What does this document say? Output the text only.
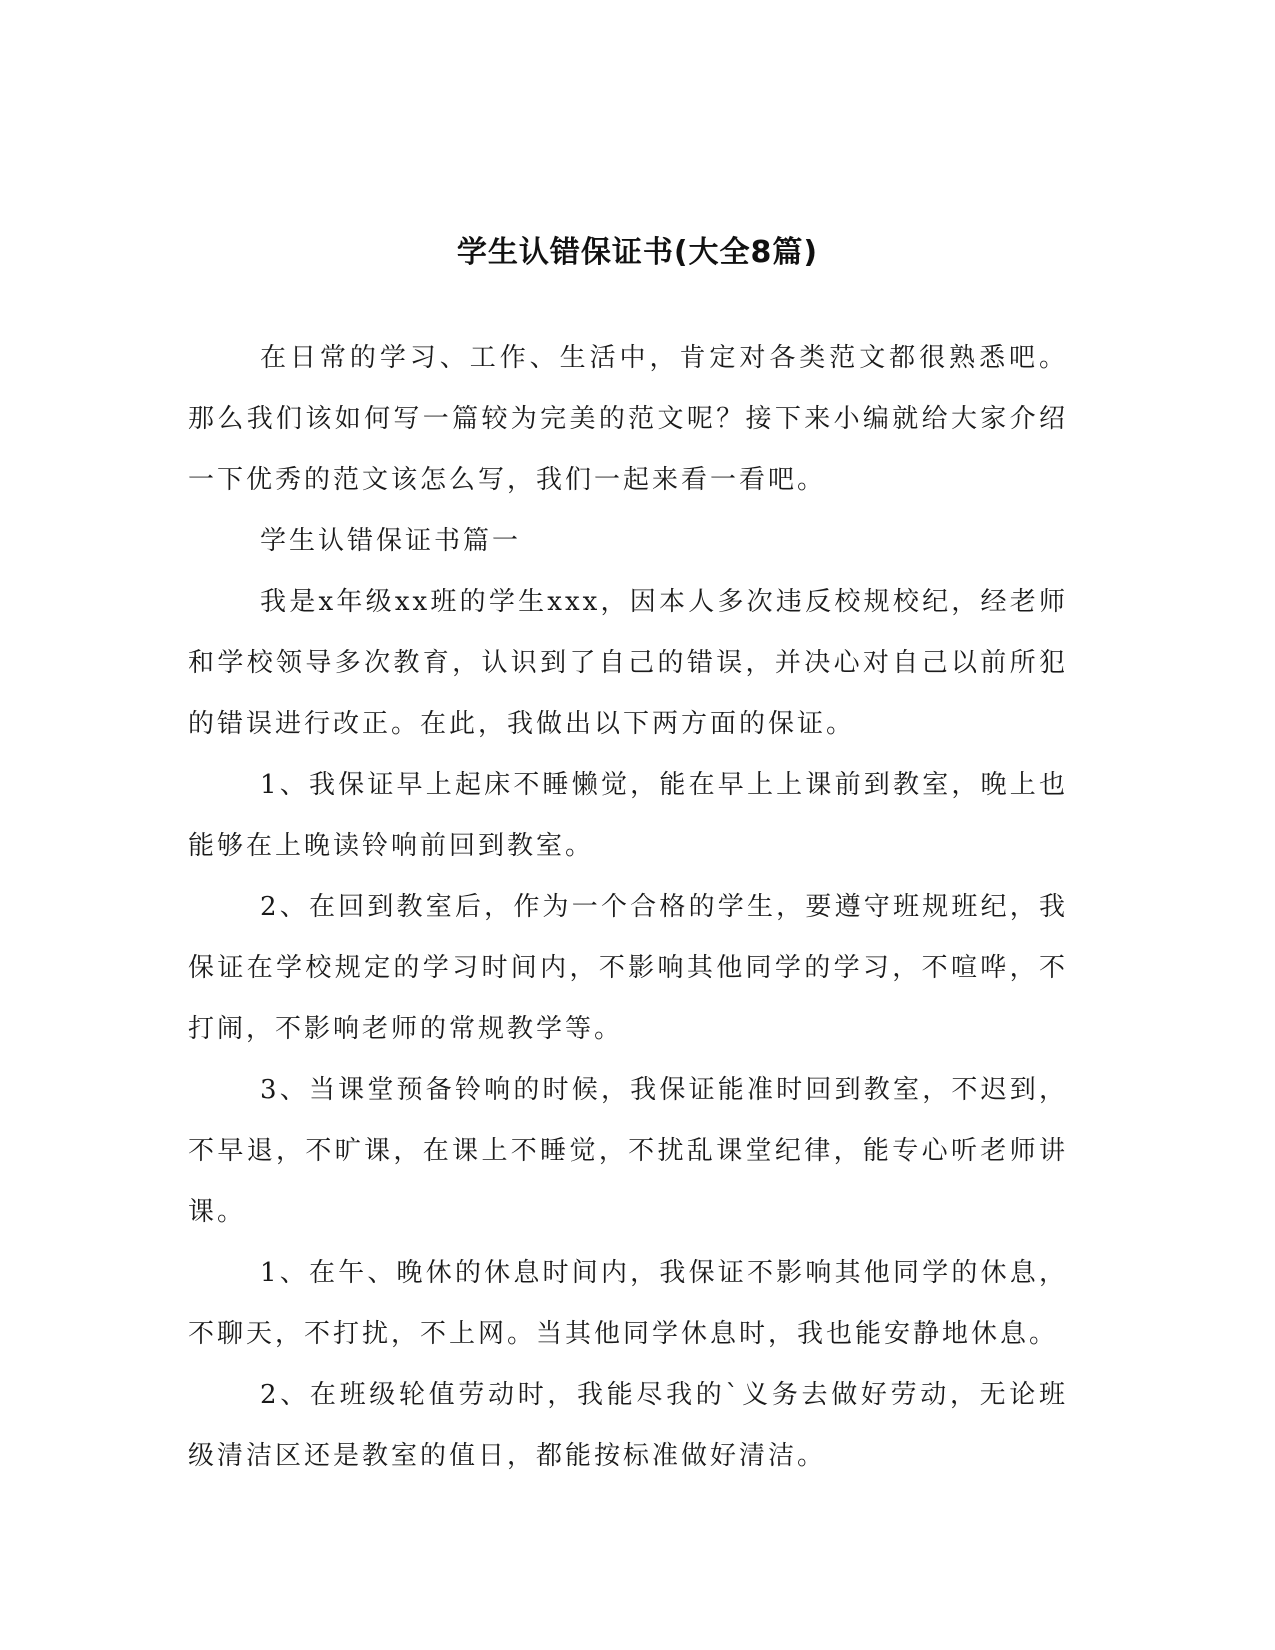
学生认错保证书(大全8篇)

在日常的学习、工作、生活中，肯定对各类范文都很熟悉吧。那么我们该如何写一篇较为完美的范文呢？接下来小编就给大家介绍一下优秀的范文该怎么写，我们一起来看一看吧。

学生认错保证书篇一

我是x年级xx班的学生xxx，因本人多次违反校规校纪，经老师和学校领导多次教育，认识到了自己的错误，并决心对自己以前所犯的错误进行改正。在此，我做出以下两方面的保证。

1、我保证早上起床不睡懒觉，能在早上上课前到教室，晚上也能够在上晚读铃响前回到教室。

2、在回到教室后，作为一个合格的学生，要遵守班规班纪，我保证在学校规定的学习时间内，不影响其他同学的学习，不喧哗，不打闹，不影响老师的常规教学等。

3、当课堂预备铃响的时候，我保证能准时回到教室，不迟到，不早退，不旷课，在课上不睡觉，不扰乱课堂纪律，能专心听老师讲课。

1、在午、晚休的休息时间内，我保证不影响其他同学的休息，不聊天，不打扰，不上网。当其他同学休息时，我也能安静地休息。

2、在班级轮值劳动时，我能尽我的`义务去做好劳动，无论班级清洁区还是教室的值日，都能按标准做好清洁。
